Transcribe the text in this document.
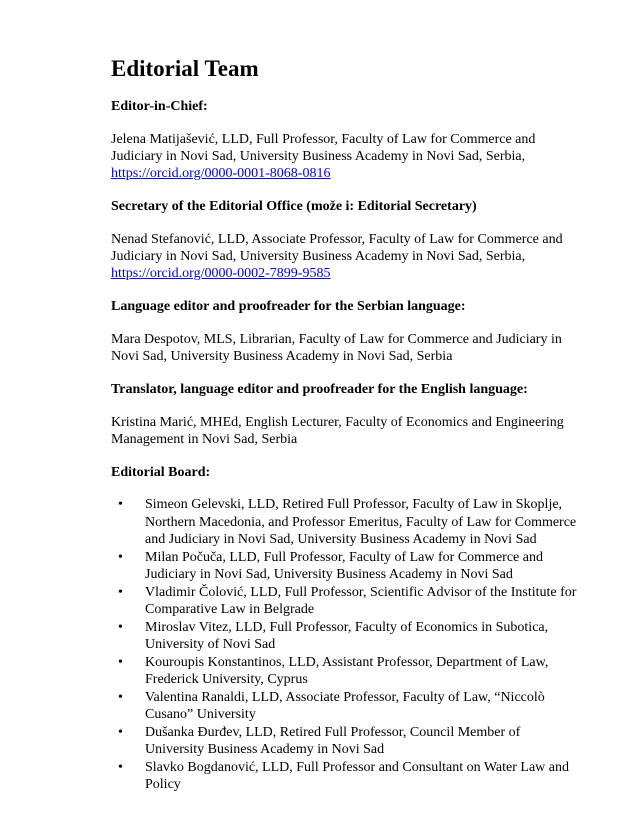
Editorial Team
Editor-in-Chief:

Jelena Matijašević, LLD, Full Professor, Faculty of Law for Commerce and Judiciary in Novi Sad, University Business Academy in Novi Sad, Serbia, https://orcid.org/0000-0001-8068-0816

Secretary of the Editorial Office (može i: Editorial Secretary)

Nenad Stefanović, LLD, Associate Professor, Faculty of Law for Commerce and Judiciary in Novi Sad, University Business Academy in Novi Sad, Serbia, https://orcid.org/0000-0002-7899-9585

Language editor and proofreader for the Serbian language:

Mara Despotov, MLS, Librarian, Faculty of Law for Commerce and Judiciary in Novi Sad, University Business Academy in Novi Sad, Serbia

Translator, language editor and proofreader for the English language:

Kristina Marić, MHEd, English Lecturer, Faculty of Economics and Engineering Management in Novi Sad, Serbia

Editorial Board:
• Simeon Gelevski, LLD, Retired Full Professor, Faculty of Law in Skoplje, Northern Macedonia, and Professor Emeritus, Faculty of Law for Commerce and Judiciary in Novi Sad, University Business Academy in Novi Sad
• Milan Počuča, LLD, Full Professor, Faculty of Law for Commerce and Judiciary in Novi Sad, University Business Academy in Novi Sad
• Vladimir Čolović, LLD, Full Professor, Scientific Advisor of the Institute for Comparative Law in Belgrade
• Miroslav Vitez, LLD, Full Professor, Faculty of Economics in Subotica, University of Novi Sad
• Kouroupis Konstantinos, LLD, Assistant Professor, Department of Law, Frederick University, Cyprus
• Valentina Ranaldi, LLD, Associate Professor, Faculty of Law, “Niccolò Cusano” University
• Dušanka Đurđev, LLD, Retired Full Professor, Council Member of University Business Academy in Novi Sad
• Slavko Bogdanović, LLD, Full Professor and Consultant on Water Law and Policy
